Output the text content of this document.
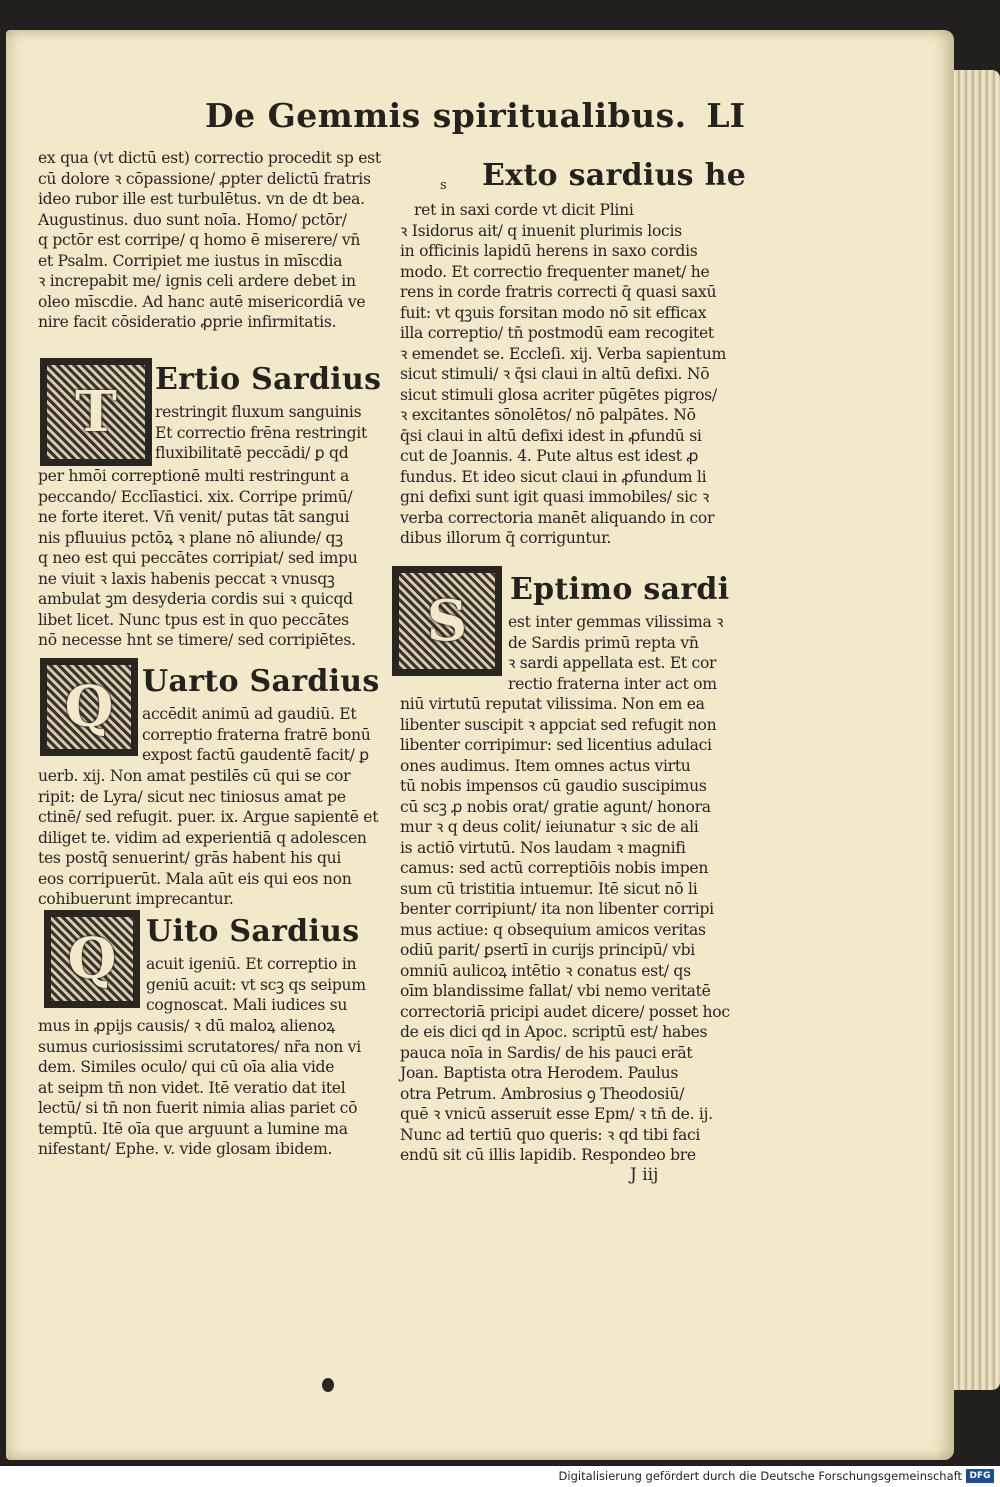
De Gemmis spiritualibus. LI
s
ex qua (vt dictū est) correctio procedit sp est
cū dolore ꝛ cōpassione/ ꝓpter delictū fratris
ideo rubor ille est turbulētus. vn de dt bea.
Augustinus. duo sunt noīa. Homo/ pctōr/
q pctōr est corripe/ q homo ē miserere/ vn̄
et Psalm. Corripiet me iustus in mīscdia
ꝛ increpabit me/ ignis celi ardere debet in
oleo mīscdie. Ad hanc autē misericordiā ve
nire facit cōsideratio ꝓprie infirmitatis.
T	Ertio Sardius
restringit fluxum sanguinis
Et correctio frēna restringit
fluxibilitatē peccādi/ ꝑ qd
per hmōi correptionē multi restringunt a
peccando/ Ecclīastici. xix. Corripe primū/
ne forte iteret. Vn̄ venit/ putas tāt sangui
nis pfluuius pctōꝝ ꝛ plane nō aliunde/ qꝫ
q neo est qui peccātes corripiat/ sed impu
ne viuit ꝛ laxis habenis peccat ꝛ vnusqꝫ
ambulat ꝫm desyderia cordis sui ꝛ quicqd
libet licet. Nunc tpus est in quo peccātes
nō necesse hnt se timere/ sed corripiētes.
Q Uarto Sardius
accēdit animū ad gaudiū. Et
correptio fraterna fratrē bonū
expost factū gaudentē facit/ ꝑ
uerb. xij. Non amat pestilēs cū qui se cor
ripit: de Lyra/ sicut nec tiniosus amat pe
ctinē/ sed refugit. puer. ix. Argue sapientē et
diliget te. vidim ad experientiā q adolescen
tes postq̄ senuerint/ grās habent his qui
eos corripuerūt. Mala aūt eis qui eos non
cohibuerunt imprecantur.
Q Uito Sardius
acuit igeniū. Et correptio in
geniū acuit: vt scꝫ qs seipum
cognoscat. Mali iudices su
mus in ꝓpijs causis/ ꝛ dū maloꝝ alienoꝝ
sumus curiosissimi scrutatores/ nr̄a non vi
dem. Similes oculo/ qui cū oīa alia vide
at seipm tn̄ non videt. Itē veratio dat itel
lectū/ si tn̄ non fuerit nimia alias pariet cō
temptū. Itē oīa que arguunt a lumine ma
nifestant/ Ephe. v. vide glosam ibidem.
Exto sardius he
ret in saxi corde vt dicit Plini
ꝛ Isidorus ait/ q inuenit plurimis locis
in officinis lapidū herens in saxo cordis
modo. Et correctio frequenter manet/ he
rens in corde fratris correcti q̄ quasi saxū
fuit: vt qꝫuis forsitan modo nō sit efficax
illa correptio/ tn̄ postmodū eam recogitet
ꝛ emendet se. Eccleſi. xij. Verba sapientum
sicut stimuli/ ꝛ q̄si claui in altū defixi. Nō
sicut stimuli glosa acriter pūgētes pigros/
ꝛ excitantes sōnolētos/ nō palpātes. Nō
q̄si claui in altū defixi idest in ꝓfundū si
cut de Joannis. 4. Pute altus est idest ꝓ
fundus. Et ideo sicut claui in ꝓfundum li
gni defixi sunt igit quasi immobiles/ sic ꝛ
verba correctoria manēt aliquando in cor
dibus illorum q̄ corriguntur.
S	Eptimo sardi
est inter gemmas vilissima ꝛ
de Sardis primū repta vn̄
ꝛ sardi appellata est. Et cor
rectio fraterna inter act om
niū virtutū reputat vilissima. Non em ea
libenter suscipit ꝛ appciat sed refugit non
libenter corripimur: sed licentius adulaci
ones audimus. Item omnes actus virtu
tū nobis impensos cū gaudio suscipimus
cū scꝫ ꝓ nobis orat/ gratie agunt/ honora
mur ꝛ q deus colit/ ieiunatur ꝛ sic de ali
is actiō virtutū. Nos laudam ꝛ magnifi
camus: sed actū correptiōis nobis impen
sum cū tristitia intuemur. Itē sicut nō li
benter corripiunt/ ita non libenter corripi
mus actiue: q obsequium amicos veritas
odiū parit/ ꝑsertī in curijs principū/ vbi
omniū aulicoꝝ intētio ꝛ conatus est/ qs
oīm blandissime fallat/ vbi nemo veritatē
correctoriā pricipi audet dicere/ posset hoc
de eis dici qd in Apoc. scriptū est/ habes
pauca noīa in Sardis/ de his pauci erāt
Joan. Baptista otra Herodem. Paulus
otra Petrum. Ambrosius ꝯ Theodosiū/
quē ꝛ vnicū asseruit esse Epm/ ꝛ tn̄ de. ij.
Nunc ad tertiū quo queris: ꝛ qd tibi faci
endū sit cū illis lapidib. Respondeo bre
J iij
Digitalisierung gefördert durch die Deutsche Forschungsgemeinschaft DFG
